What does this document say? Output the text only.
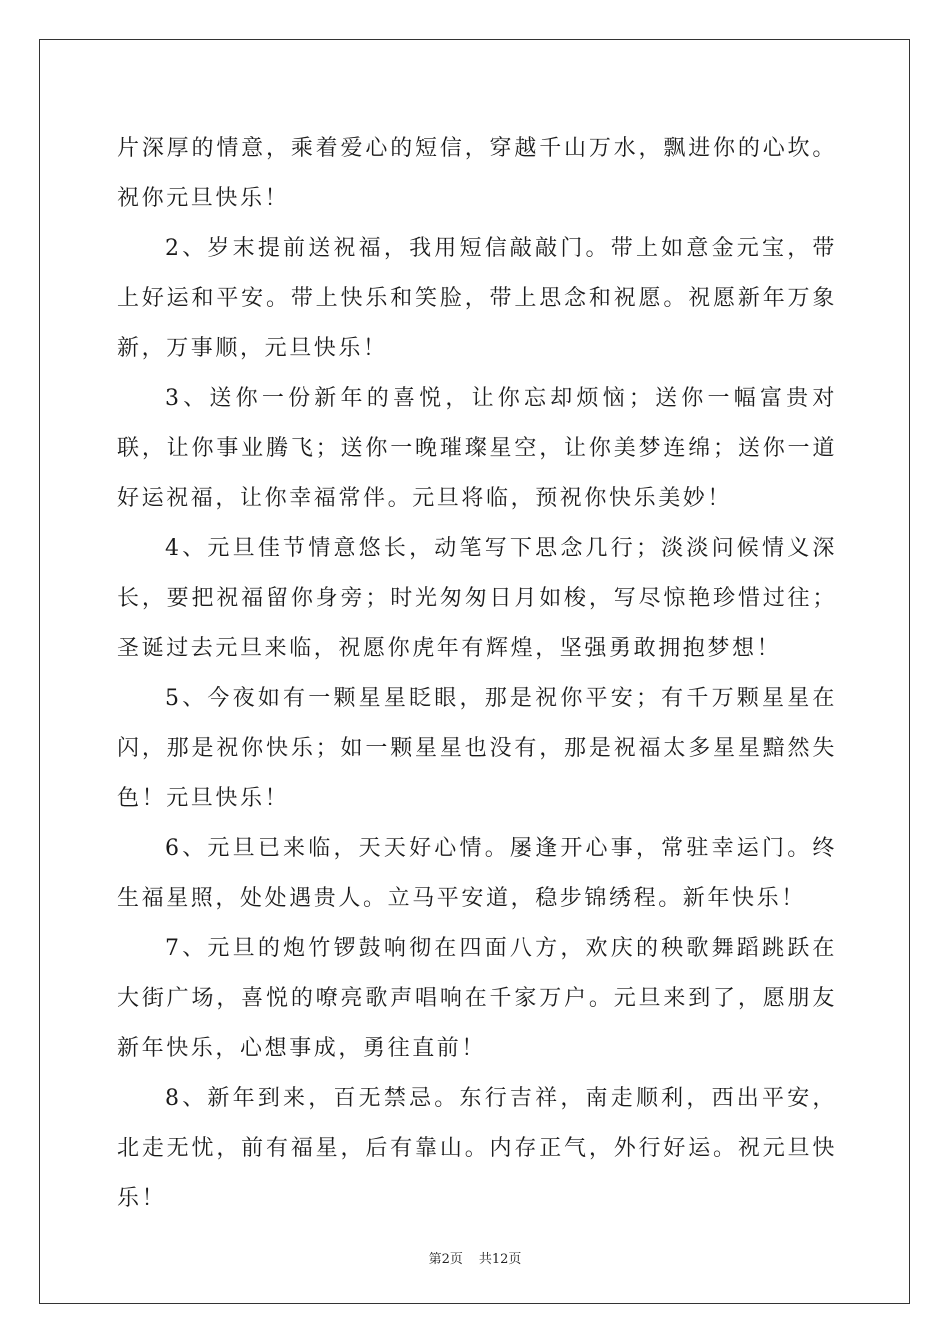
片深厚的情意，乘着爱心的短信，穿越千山万水，飘进你的心坎。祝你元旦快乐！

2、岁末提前送祝福，我用短信敲敲门。带上如意金元宝，带上好运和平安。带上快乐和笑脸，带上思念和祝愿。祝愿新年万象新，万事顺，元旦快乐！

3、送你一份新年的喜悦，让你忘却烦恼；送你一幅富贵对联，让你事业腾飞；送你一晚璀璨星空，让你美梦连绵；送你一道好运祝福，让你幸福常伴。元旦将临，预祝你快乐美妙！

4、元旦佳节情意悠长，动笔写下思念几行；淡淡问候情义深长，要把祝福留你身旁；时光匆匆日月如梭，写尽惊艳珍惜过往；圣诞过去元旦来临，祝愿你虎年有辉煌，坚强勇敢拥抱梦想！

5、今夜如有一颗星星眨眼，那是祝你平安；有千万颗星星在闪，那是祝你快乐；如一颗星星也没有，那是祝福太多星星黯然失色！元旦快乐！

6、元旦已来临，天天好心情。屡逢开心事，常驻幸运门。终生福星照，处处遇贵人。立马平安道，稳步锦绣程。新年快乐！

7、元旦的炮竹锣鼓响彻在四面八方，欢庆的秧歌舞蹈跳跃在大街广场，喜悦的嘹亮歌声唱响在千家万户。元旦来到了，愿朋友新年快乐，心想事成，勇往直前！

8、新年到来，百无禁忌。东行吉祥，南走顺利，西出平安，北走无忧，前有福星，后有靠山。内存正气，外行好运。祝元旦快乐！

第2页 共12页
